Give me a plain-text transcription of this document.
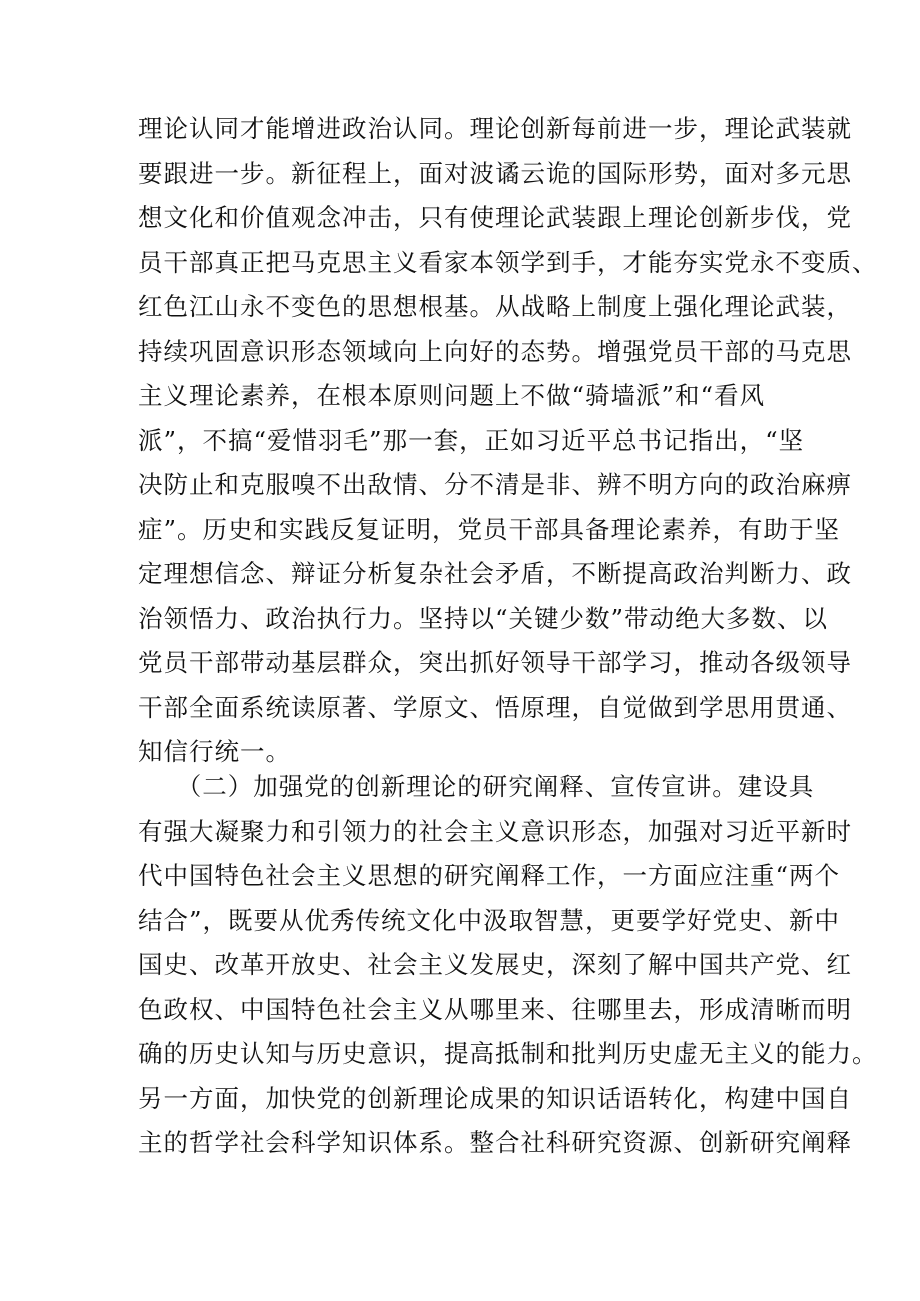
理论认同才能增进政治认同。理论创新每前进一步，理论武装就
要跟进一步。新征程上，面对波谲云诡的国际形势，面对多元思
想文化和价值观念冲击，只有使理论武装跟上理论创新步伐，党
员干部真正把马克思主义看家本领学到手，才能夯实党永不变质、
红色江山永不变色的思想根基。从战略上制度上强化理论武装，
持续巩固意识形态领域向上向好的态势。增强党员干部的马克思
主义理论素养，在根本原则问题上不做“骑墙派”和“看风
派”，不搞“爱惜羽毛”那一套，正如习近平总书记指出，“坚
决防止和克服嗅不出敌情、分不清是非、辨不明方向的政治麻痹
症”。历史和实践反复证明，党员干部具备理论素养，有助于坚
定理想信念、辩证分析复杂社会矛盾，不断提高政治判断力、政
治领悟力、政治执行力。坚持以“关键少数”带动绝大多数、以
党员干部带动基层群众，突出抓好领导干部学习，推动各级领导
干部全面系统读原著、学原文、悟原理，自觉做到学思用贯通、
知信行统一。
　　（二）加强党的创新理论的研究阐释、宣传宣讲。建设具
有强大凝聚力和引领力的社会主义意识形态，加强对习近平新时
代中国特色社会主义思想的研究阐释工作，一方面应注重“两个
结合”，既要从优秀传统文化中汲取智慧，更要学好党史、新中
国史、改革开放史、社会主义发展史，深刻了解中国共产党、红
色政权、中国特色社会主义从哪里来、往哪里去，形成清晰而明
确的历史认知与历史意识，提高抵制和批判历史虚无主义的能力。
另一方面，加快党的创新理论成果的知识话语转化，构建中国自
主的哲学社会科学知识体系。整合社科研究资源、创新研究阐释
